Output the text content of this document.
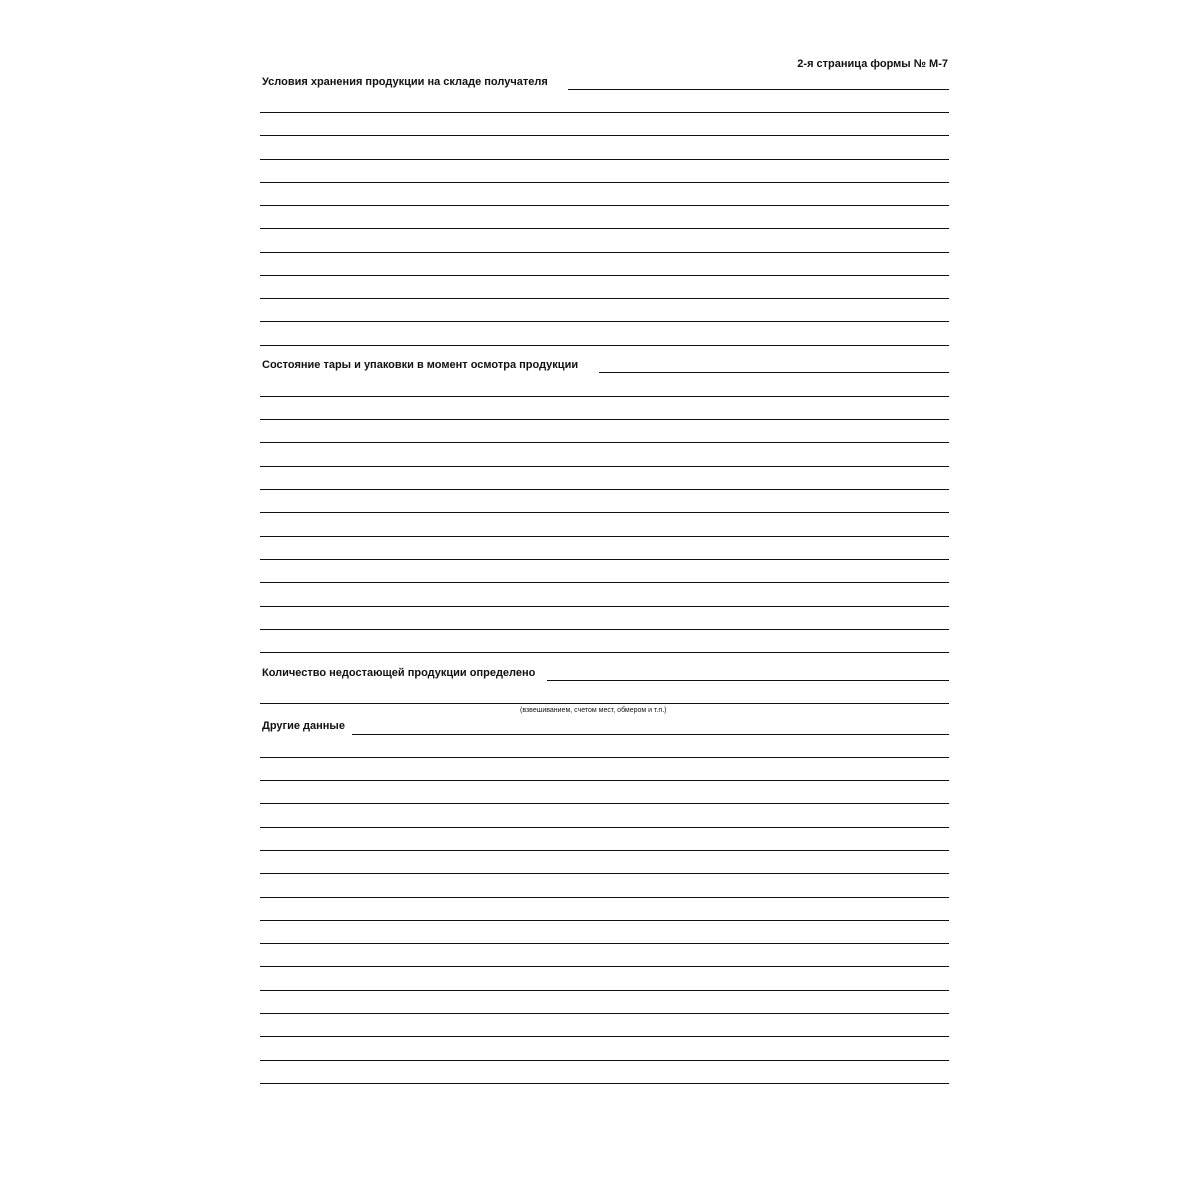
2-я страница формы № М-7
Условия хранения продукции на складе получателя
Состояние тары и упаковки в момент осмотра продукции
Количество недостающей продукции определено
(взвешиванием, счетом мест, обмером и т.п.)
Другие данные
